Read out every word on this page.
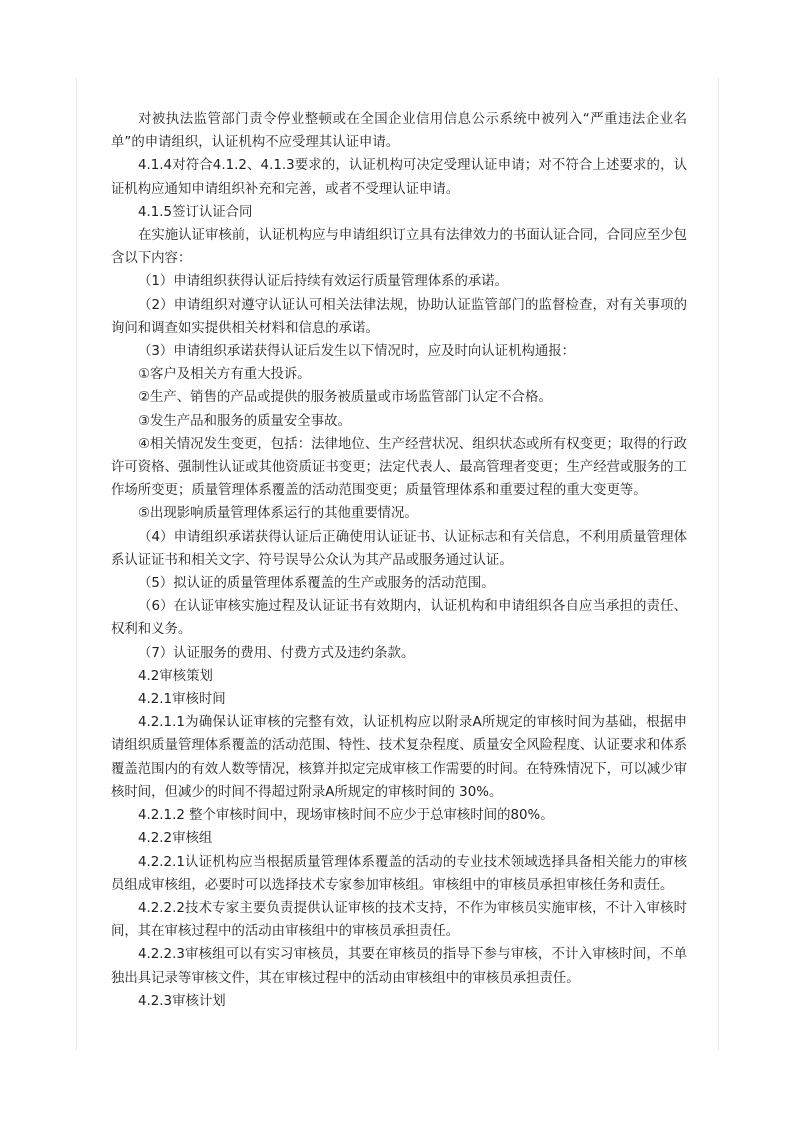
对被执法监管部门责令停业整顿或在全国企业信用信息公示系统中被列入“严重违法企业名单”的申请组织，认证机构不应受理其认证申请。

4.1.4对符合4.1.2、4.1.3要求的，认证机构可决定受理认证申请；对不符合上述要求的，认证机构应通知申请组织补充和完善，或者不受理认证申请。

4.1.5签订认证合同

在实施认证审核前，认证机构应与申请组织订立具有法律效力的书面认证合同，合同应至少包含以下内容：

（1）申请组织获得认证后持续有效运行质量管理体系的承诺。

（2）申请组织对遵守认证认可相关法律法规，协助认证监管部门的监督检查，对有关事项的询问和调查如实提供相关材料和信息的承诺。

（3）申请组织承诺获得认证后发生以下情况时，应及时向认证机构通报：

①客户及相关方有重大投诉。

②生产、销售的产品或提供的服务被质量或市场监管部门认定不合格。

③发生产品和服务的质量安全事故。

④相关情况发生变更，包括：法律地位、生产经营状况、组织状态或所有权变更；取得的行政许可资格、强制性认证或其他资质证书变更；法定代表人、最高管理者变更；生产经营或服务的工作场所变更；质量管理体系覆盖的活动范围变更；质量管理体系和重要过程的重大变更等。

⑤出现影响质量管理体系运行的其他重要情况。

（4）申请组织承诺获得认证后正确使用认证证书、认证标志和有关信息，不利用质量管理体系认证证书和相关文字、符号误导公众认为其产品或服务通过认证。

（5）拟认证的质量管理体系覆盖的生产或服务的活动范围。

（6）在认证审核实施过程及认证证书有效期内，认证机构和申请组织各自应当承担的责任、权利和义务。

（7）认证服务的费用、付费方式及违约条款。

4.2审核策划

4.2.1审核时间

4.2.1.1为确保认证审核的完整有效，认证机构应以附录A所规定的审核时间为基础，根据申请组织质量管理体系覆盖的活动范围、特性、技术复杂程度、质量安全风险程度、认证要求和体系覆盖范围内的有效人数等情况，核算并拟定完成审核工作需要的时间。在特殊情况下，可以减少审核时间，但减少的时间不得超过附录A所规定的审核时间的 30%。

4.2.1.2 整个审核时间中，现场审核时间不应少于总审核时间的80%。

4.2.2审核组

4.2.2.1认证机构应当根据质量管理体系覆盖的活动的专业技术领域选择具备相关能力的审核员组成审核组，必要时可以选择技术专家参加审核组。审核组中的审核员承担审核任务和责任。

4.2.2.2技术专家主要负责提供认证审核的技术支持，不作为审核员实施审核，不计入审核时间，其在审核过程中的活动由审核组中的审核员承担责任。

4.2.2.3审核组可以有实习审核员，其要在审核员的指导下参与审核，不计入审核时间，不单独出具记录等审核文件，其在审核过程中的活动由审核组中的审核员承担责任。

4.2.3审核计划
